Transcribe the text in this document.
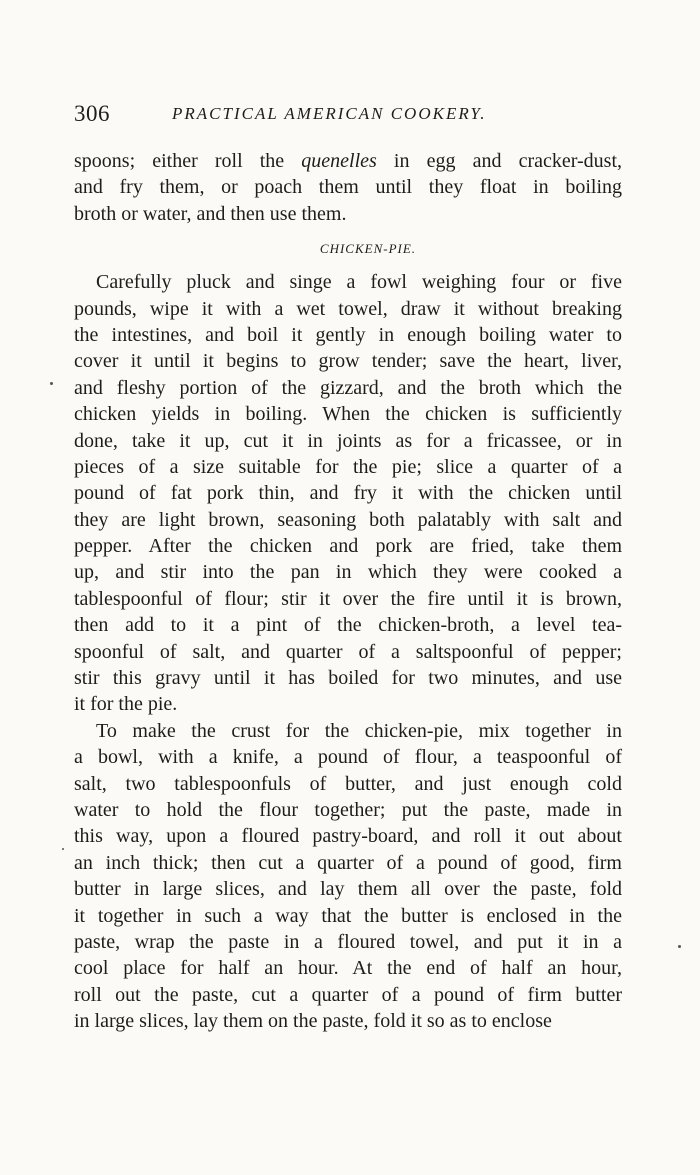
306	PRACTICAL AMERICAN COOKERY.
spoons; either roll the quenelles in egg and cracker-dust,
and fry them, or poach them until they float in boiling
broth or water, and then use them.
CHICKEN-PIE.
Carefully pluck and singe a fowl weighing four or five
pounds, wipe it with a wet towel, draw it without breaking
the intestines, and boil it gently in enough boiling water to
cover it until it begins to grow tender; save the heart, liver,
and fleshy portion of the gizzard, and the broth which the
chicken yields in boiling. When the chicken is sufficiently
done, take it up, cut it in joints as for a fricassee, or in
pieces of a size suitable for the pie; slice a quarter of a
pound of fat pork thin, and fry it with the chicken until
they are light brown, seasoning both palatably with salt and
pepper. After the chicken and pork are fried, take them
up, and stir into the pan in which they were cooked a
tablespoonful of flour; stir it over the fire until it is brown,
then add to it a pint of the chicken-broth, a level tea-
spoonful of salt, and quarter of a saltspoonful of pepper;
stir this gravy until it has boiled for two minutes, and use
it for the pie.
To make the crust for the chicken-pie, mix together in
a bowl, with a knife, a pound of flour, a teaspoonful of
salt, two tablespoonfuls of butter, and just enough cold
water to hold the flour together; put the paste, made in
this way, upon a floured pastry-board, and roll it out about
an inch thick; then cut a quarter of a pound of good, firm
butter in large slices, and lay them all over the paste, fold
it together in such a way that the butter is enclosed in the
paste, wrap the paste in a floured towel, and put it in a
cool place for half an hour. At the end of half an hour,
roll out the paste, cut a quarter of a pound of firm butter
in large slices, lay them on the paste, fold it so as to enclose
